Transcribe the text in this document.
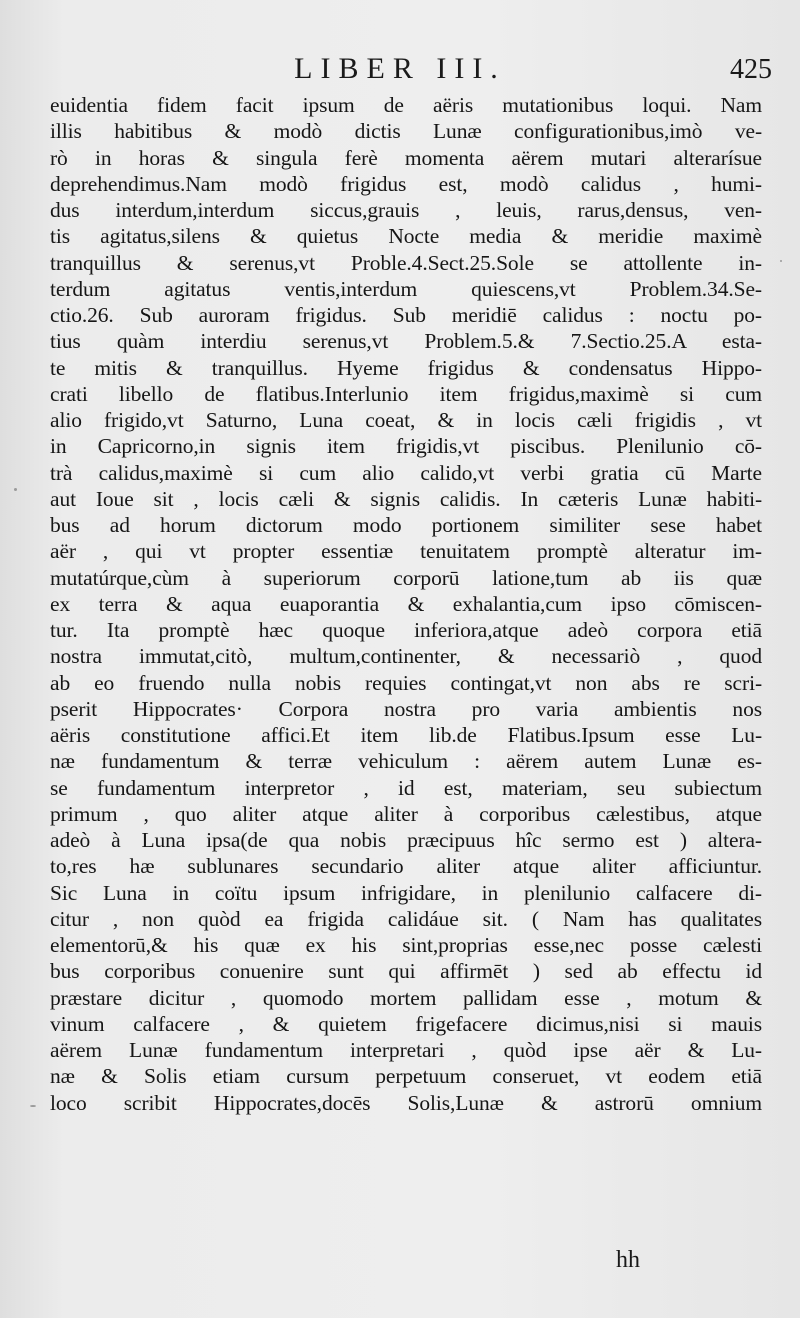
LIBER III.	425
euidentia fidem facit ipsum de aëris mutationibus loqui. Nam
illis habitibus & modò dictis Lunæ configurationibus,imò ve-
rò in horas & singula ferè momenta aërem mutari alterarísue
deprehendimus.Nam modò frigidus est, modò calidus , humi-
dus interdum,interdum siccus,grauis , leuis, rarus,densus, ven-
tis agitatus,silens & quietus Nocte media & meridie maximè
tranquillus & serenus,vt Proble.4.Sect.25.Sole se attollente in-
terdum agitatus ventis,interdum quiescens,vt Problem.34.Se-
ctio.26. Sub auroram frigidus. Sub meridiē calidus : noctu po-
tius quàm interdiu serenus,vt Problem.5.& 7.Sectio.25.A esta-
te mitis & tranquillus. Hyeme frigidus & condensatus Hippo-
crati libello de flatibus.Interlunio item frigidus,maximè si cum
alio frigido,vt Saturno, Luna coeat, & in locis cæli frigidis , vt
in Capricorno,in signis item frigidis,vt piscibus. Plenilunio cō-
trà calidus,maximè si cum alio calido,vt verbi gratia cū Marte
aut Ioue sit , locis cæli & signis calidis. In cæteris Lunæ habiti-
bus ad horum dictorum modo portionem similiter sese habet
aër , qui vt propter essentiæ tenuitatem promptè alteratur im-
mutatúrque,cùm à superiorum corporū latione,tum ab iis quæ
ex terra & aqua euaporantia & exhalantia,cum ipso cōmiscen-
tur. Ita promptè hæc quoque inferiora,atque adeò corpora etiā
nostra immutat,citò, multum,continenter, & necessariò , quod
ab eo fruendo nulla nobis requies contingat,vt non abs re scri-
pserit Hippocrates· Corpora nostra pro varia ambientis nos
aëris constitutione affici.Et item lib.de Flatibus.Ipsum esse Lu-
næ fundamentum & terræ vehiculum : aërem autem Lunæ es-
se fundamentum interpretor , id est, materiam, seu subiectum
primum , quo aliter atque aliter à corporibus cælestibus, atque
adeò à Luna ipsa(de qua nobis præcipuus hîc sermo est ) altera-
to,res hæ sublunares secundario aliter atque aliter afficiuntur.
Sic Luna in coïtu ipsum infrigidare, in plenilunio calfacere di-
citur , non quòd ea frigida calidáue sit. ( Nam has qualitates
elementorū,& his quæ ex his sint,proprias esse,nec posse cælesti
bus corporibus conuenire sunt qui affirmēt ) sed ab effectu id
præstare dicitur , quomodo mortem pallidam esse , motum &
vinum calfacere , & quietem frigefacere dicimus,nisi si mauis
aërem Lunæ fundamentum interpretari , quòd ipse aër & Lu-
næ & Solis etiam cursum perpetuum conseruet, vt eodem etiā
loco scribit Hippocrates,docēs Solis,Lunæ & astrorū omnium
hh
